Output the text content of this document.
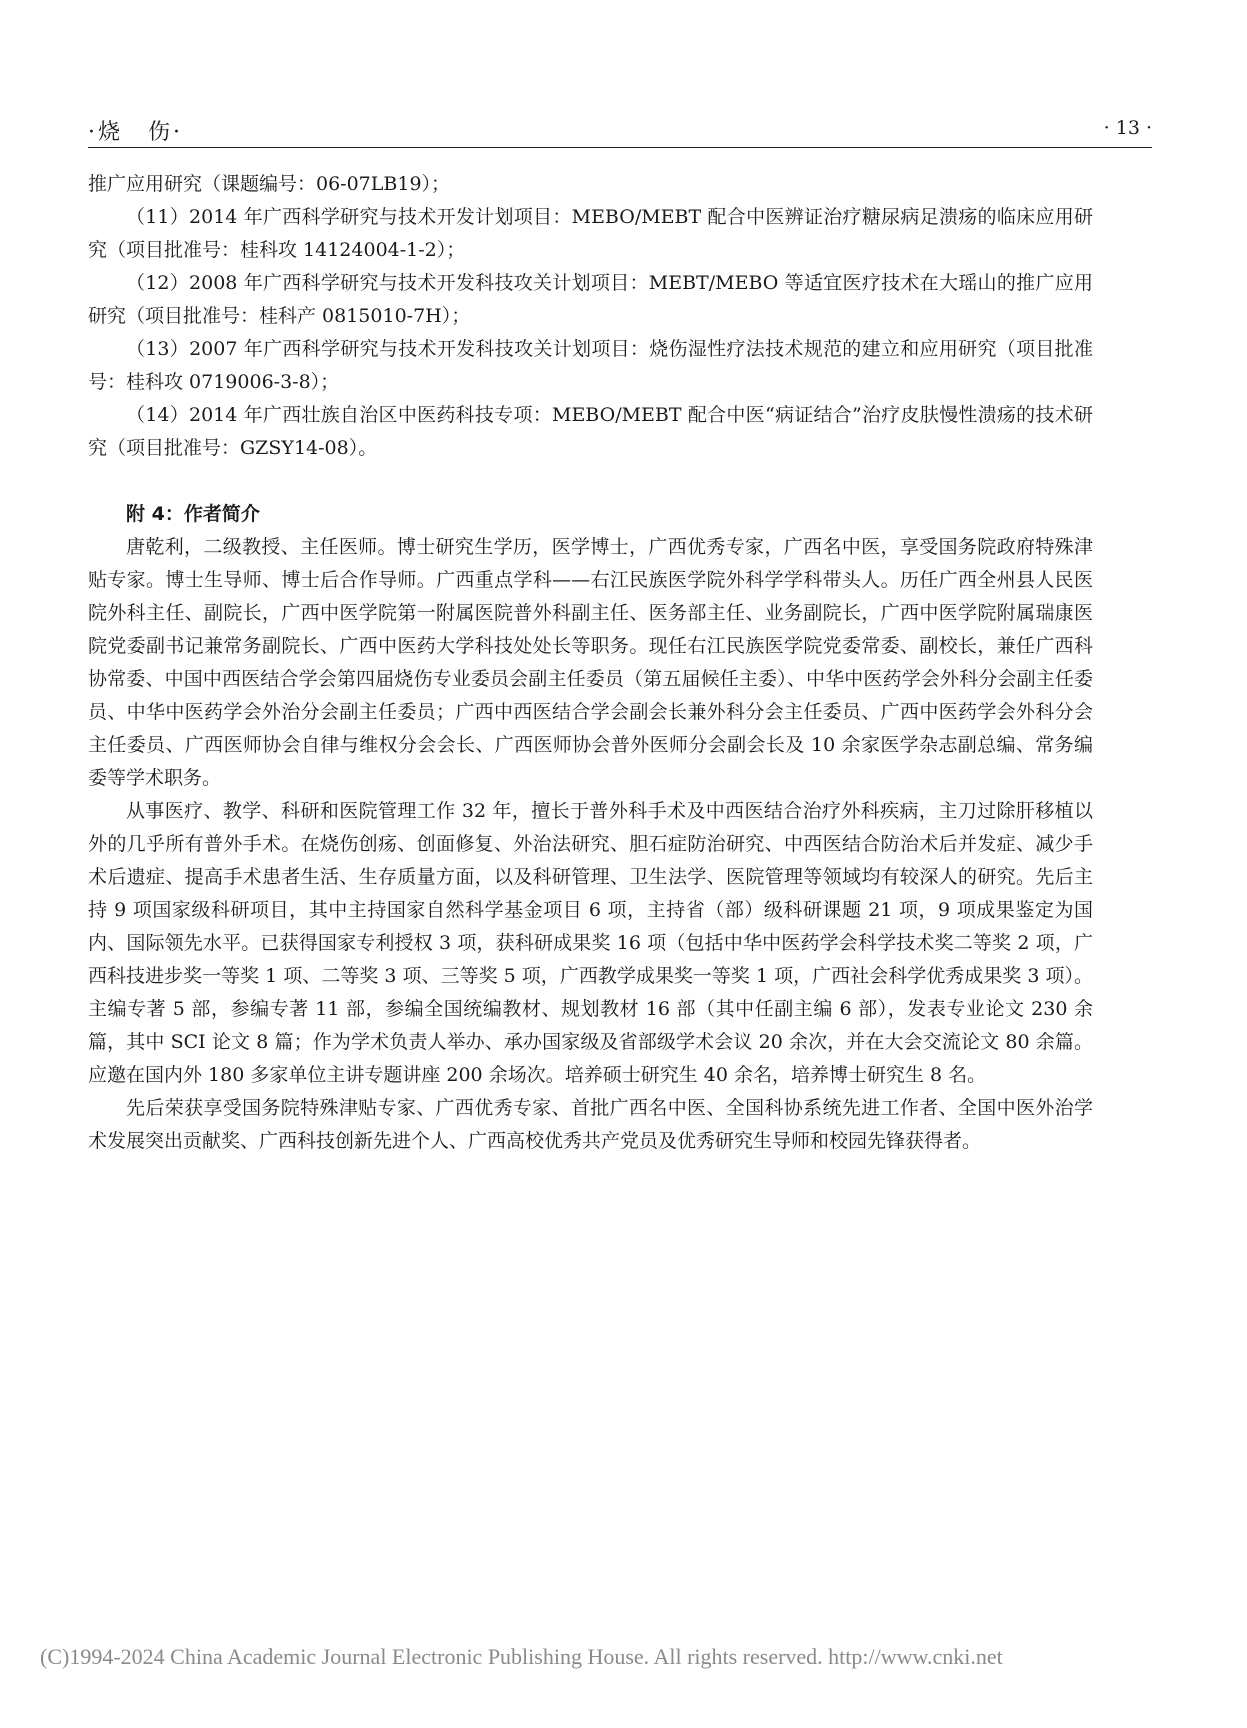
·烧　伤·	· 13 ·

推广应用研究（课题编号：06-07LB19）；

（11）2014 年广西科学研究与技术开发计划项目：MEBO/MEBT 配合中医辨证治疗糖尿病足溃疡的临床应用研究（项目批准号：桂科攻 14124004-1-2）；

（12）2008 年广西科学研究与技术开发科技攻关计划项目：MEBT/MEBO 等适宜医疗技术在大瑶山的推广应用研究（项目批准号：桂科产 0815010-7H）；

（13）2007 年广西科学研究与技术开发科技攻关计划项目：烧伤湿性疗法技术规范的建立和应用研究（项目批准号：桂科攻 0719006-3-8）；

（14）2014 年广西壮族自治区中医药科技专项：MEBO/MEBT 配合中医“病证结合”治疗皮肤慢性溃疡的技术研究（项目批准号：GZSY14-08）。

附 4：作者简介

唐乾利，二级教授、主任医师。博士研究生学历，医学博士，广西优秀专家，广西名中医，享受国务院政府特殊津贴专家。博士生导师、博士后合作导师。广西重点学科——右江民族医学院外科学学科带头人。历任广西全州县人民医院外科主任、副院长，广西中医学院第一附属医院普外科副主任、医务部主任、业务副院长，广西中医学院附属瑞康医院党委副书记兼常务副院长、广西中医药大学科技处处长等职务。现任右江民族医学院党委常委、副校长，兼任广西科协常委、中国中西医结合学会第四届烧伤专业委员会副主任委员（第五届候任主委）、中华中医药学会外科分会副主任委员、中华中医药学会外治分会副主任委员；广西中西医结合学会副会长兼外科分会主任委员、广西中医药学会外科分会主任委员、广西医师协会自律与维权分会会长、广西医师协会普外医师分会副会长及 10 余家医学杂志副总编、常务编委等学术职务。

从事医疗、教学、科研和医院管理工作 32 年，擅长于普外科手术及中西医结合治疗外科疾病，主刀过除肝移植以外的几乎所有普外手术。在烧伤创疡、创面修复、外治法研究、胆石症防治研究、中西医结合防治术后并发症、减少手术后遗症、提高手术患者生活、生存质量方面，以及科研管理、卫生法学、医院管理等领域均有较深人的研究。先后主持 9 项国家级科研项目，其中主持国家自然科学基金项目 6 项，主持省（部）级科研课题 21 项，9 项成果鉴定为国内、国际领先水平。已获得国家专利授权 3 项，获科研成果奖 16 项（包括中华中医药学会科学技术奖二等奖 2 项，广西科技进步奖一等奖 1 项、二等奖 3 项、三等奖 5 项，广西教学成果奖一等奖 1 项，广西社会科学优秀成果奖 3 项）。主编专著 5 部，参编专著 11 部，参编全国统编教材、规划教材 16 部（其中任副主编 6 部），发表专业论文 230 余篇，其中 SCI 论文 8 篇；作为学术负责人举办、承办国家级及省部级学术会议 20 余次，并在大会交流论文 80 余篇。应邀在国内外 180 多家单位主讲专题讲座 200 余场次。培养硕士研究生 40 余名，培养博士研究生 8 名。

先后荣获享受国务院特殊津贴专家、广西优秀专家、首批广西名中医、全国科协系统先进工作者、全国中医外治学术发展突出贡献奖、广西科技创新先进个人、广西高校优秀共产党员及优秀研究生导师和校园先锋获得者。

(C)1994-2024 China Academic Journal Electronic Publishing House. All rights reserved. http://www.cnki.net
